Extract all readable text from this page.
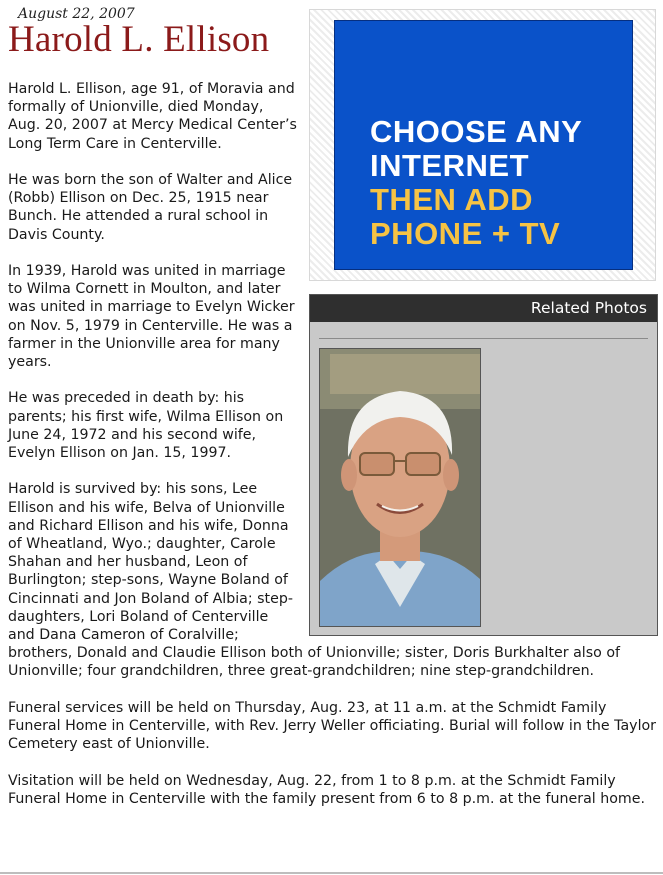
August 22, 2007

Harold L. Ellison

Harold L. Ellison, age 91, of Moravia and formally of Unionville, died Monday, Aug. 20, 2007 at Mercy Medical Center’s Long Term Care in Centerville.

He was born the son of Walter and Alice (Robb) Ellison on Dec. 25, 1915 near Bunch. He attended a rural school in Davis County.

In 1939, Harold was united in marriage to Wilma Cornett in Moulton, and later was united in marriage to Evelyn Wicker on Nov. 5, 1979 in Centerville. He was a farmer in the Unionville area for many years.

He was preceded in death by: his parents; his first wife, Wilma Ellison on June 24, 1972 and his second wife, Evelyn Ellison on Jan. 15, 1997.

Harold is survived by: his sons, Lee Ellison and his wife, Belva of Unionville and Richard Ellison and his wife, Donna of Wheatland, Wyo.; daughter, Carole Shahan and her husband, Leon of Burlington; step-sons, Wayne Boland of Cincinnati and Jon Boland of Albia; step-daughters, Lori Boland of Centerville and Dana Cameron of Coralville; brothers, Donald and Claudie Ellison both of Unionville; sister, Doris Burkhalter also of Unionville; four grandchildren, three great-grandchildren; nine step-grandchildren.

Funeral services will be held on Thursday, Aug. 23, at 11 a.m. at the Schmidt Family Funeral Home in Centerville, with Rev. Jerry Weller officiating. Burial will follow in the Taylor Cemetery east of Unionville.

Visitation will be held on Wednesday, Aug. 22, from 1 to 8 p.m. at the Schmidt Family Funeral Home in Centerville with the family present from 6 to 8 p.m. at the funeral home.

CHOOSE ANY

INTERNET

THEN ADD

PHONE + TV

Related Photos
